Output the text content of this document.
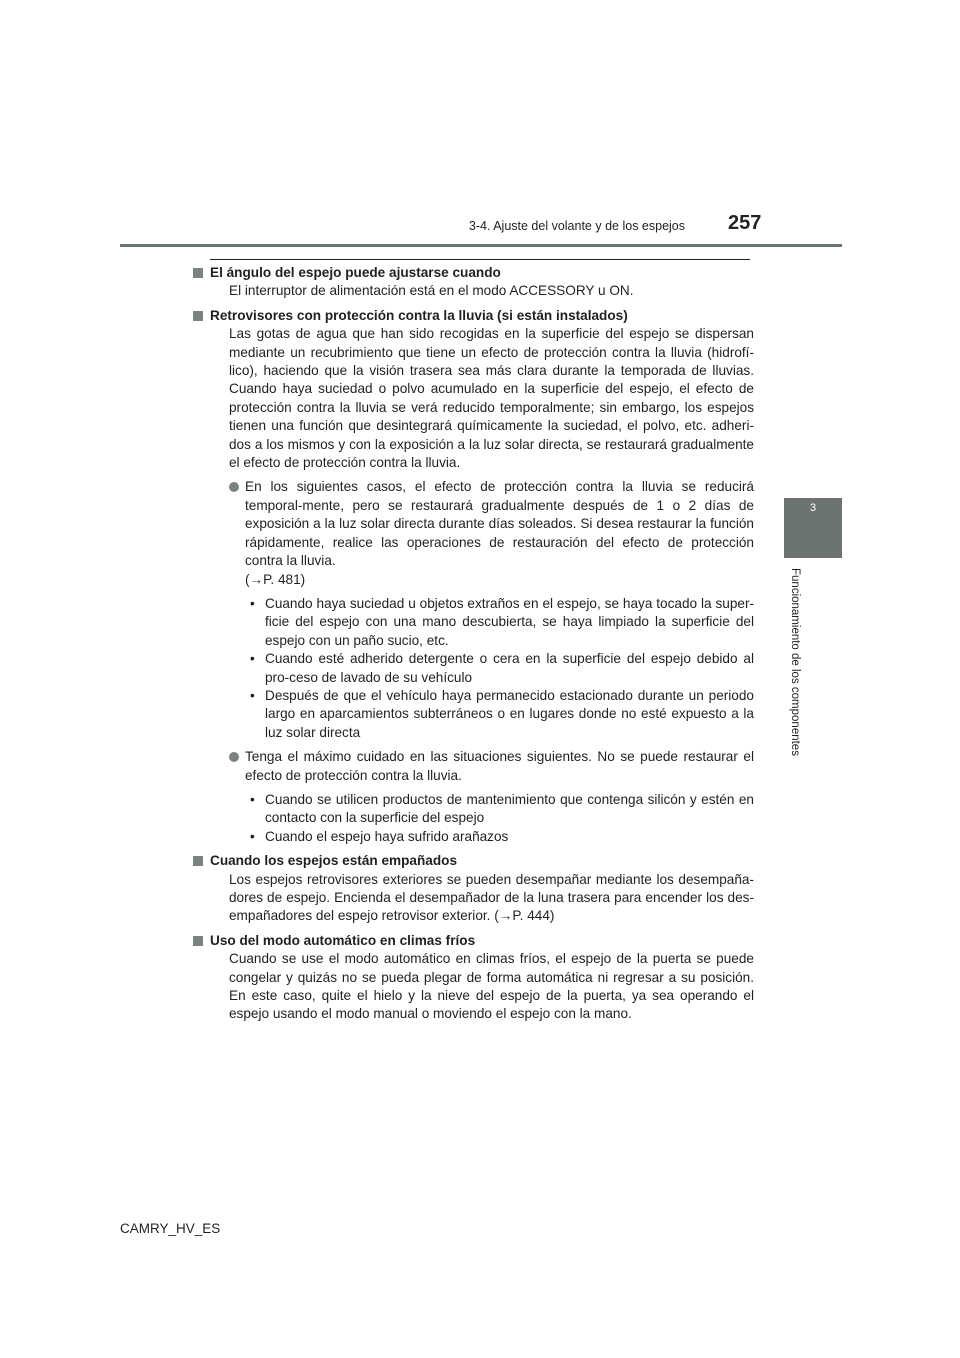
3-4. Ajuste del volante y de los espejos 257
3
Funcionamiento de los componentes
El ángulo del espejo puede ajustarse cuando

El interruptor de alimentación está en el modo ACCESSORY u ON.

Retrovisores con protección contra la lluvia (si están instalados)

Las gotas de agua que han sido recogidas en la superficie del espejo se dispersan mediante un recubrimiento que tiene un efecto de protección contra la lluvia (hidrofí-lico), haciendo que la visión trasera sea más clara durante la temporada de lluvias. Cuando haya suciedad o polvo acumulado en la superficie del espejo, el efecto de protección contra la lluvia se verá reducido temporalmente; sin embargo, los espejos tienen una función que desintegrará químicamente la suciedad, el polvo, etc. adheri-dos a los mismos y con la exposición a la luz solar directa, se restaurará gradualmente el efecto de protección contra la lluvia.

En los siguientes casos, el efecto de protección contra la lluvia se reducirá temporal-mente, pero se restaurará gradualmente después de 1 o 2 días de exposición a la luz solar directa durante días soleados. Si desea restaurar la función rápidamente, realice las operaciones de restauración del efecto de protección contra la lluvia.
(→P. 481)
• Cuando haya suciedad u objetos extraños en el espejo, se haya tocado la super-ficie del espejo con una mano descubierta, se haya limpiado la superficie del espejo con un paño sucio, etc.
• Cuando esté adherido detergente o cera en la superficie del espejo debido al pro-ceso de lavado de su vehículo
• Después de que el vehículo haya permanecido estacionado durante un periodo largo en aparcamientos subterráneos o en lugares donde no esté expuesto a la luz solar directa
Tenga el máximo cuidado en las situaciones siguientes. No se puede restaurar el efecto de protección contra la lluvia.
• Cuando se utilicen productos de mantenimiento que contenga silicón y estén en contacto con la superficie del espejo
• Cuando el espejo haya sufrido arañazos
Cuando los espejos están empañados

Los espejos retrovisores exteriores se pueden desempañar mediante los desempaña-dores de espejo. Encienda el desempañador de la luna trasera para encender los des-empañadores del espejo retrovisor exterior. (→P. 444)

Uso del modo automático en climas fríos

Cuando se use el modo automático en climas fríos, el espejo de la puerta se puede congelar y quizás no se pueda plegar de forma automática ni regresar a su posición. En este caso, quite el hielo y la nieve del espejo de la puerta, ya sea operando el espejo usando el modo manual o moviendo el espejo con la mano.

CAMRY_HV_ES
